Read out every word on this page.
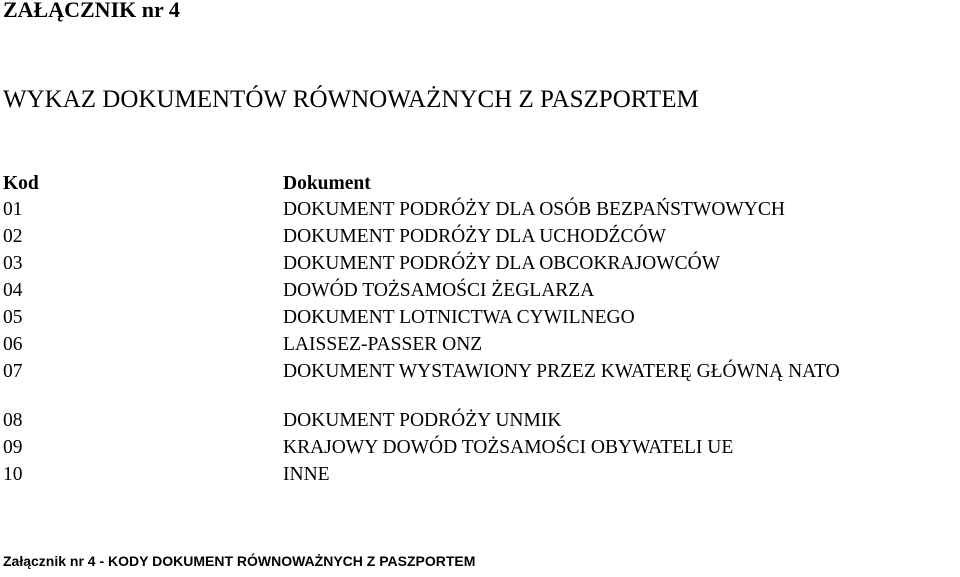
ZAŁĄCZNIK nr 4
WYKAZ DOKUMENTÓW RÓWNOWAŻNYCH Z PASZPORTEM
Kod	Dokument
01	DOKUMENT PODRÓŻY DLA OSÓB BEZPAŃSTWOWYCH
02	DOKUMENT PODRÓŻY DLA UCHODŹCÓW
03	DOKUMENT PODRÓŻY DLA OBCOKRAJOWCÓW
04	DOWÓD TOŻSAMOŚCI ŻEGLARZA
05	DOKUMENT LOTNICTWA CYWILNEGO
06	LAISSEZ-PASSER ONZ
07	DOKUMENT WYSTAWIONY PRZEZ KWATERĘ GŁÓWNĄ NATO
08	DOKUMENT PODRÓŻY UNMIK
09	KRAJOWY DOWÓD TOŻSAMOŚCI OBYWATELI UE
10	INNE
Załącznik nr 4 - KODY DOKUMENT RÓWNOWAŻNYCH Z PASZPORTEM
